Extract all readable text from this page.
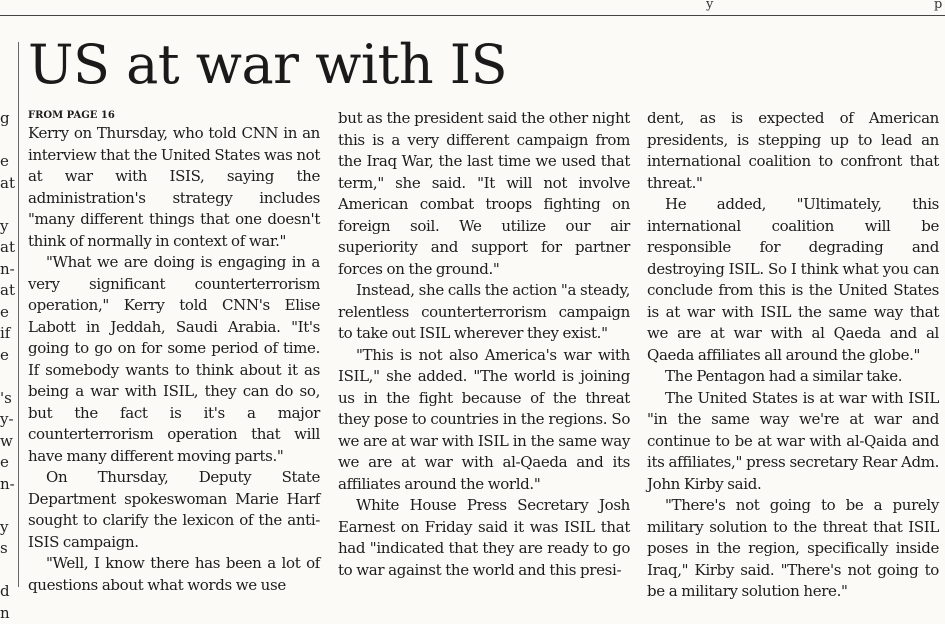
y	p
g

e
at

y
at
n-
at
e
if
e

's
y-
w
e
n-

y
s

d
n
US at war with IS
FROM PAGE 16

Kerry on Thursday, who told CNN in an interview that the United States was not at war with ISIS, saying the administration's strategy includes "many different things that one doesn't think of normally in context of war."

"What we are doing is engaging in a very significant counterterrorism operation," Kerry told CNN's Elise Labott in Jeddah, Saudi Arabia. "It's going to go on for some period of time. If somebody wants to think about it as being a war with ISIL, they can do so, but the fact is it's a major counterterrorism operation that will have many different moving parts."

On Thursday, Deputy State Department spokeswoman Marie Harf sought to clarify the lexicon of the anti-ISIS campaign.

"Well, I know there has been a lot of questions about what words we use

but as the president said the other night this is a very different campaign from the Iraq War, the last time we used that term," she said. "It will not involve American combat troops fighting on foreign soil. We utilize our air superiority and support for partner forces on the ground."

Instead, she calls the action "a steady, relentless counterterrorism campaign to take out ISIL wherever they exist."

"This is not also America's war with ISIL," she added. "The world is joining us in the fight because of the threat they pose to countries in the regions. So we are at war with ISIL in the same way we are at war with al-Qaeda and its affiliates around the world."

White House Press Secretary Josh Earnest on Friday said it was ISIL that had "indicated that they are ready to go to war against the world and this presi-

dent, as is expected of American presidents, is stepping up to lead an international coalition to confront that threat."

He added, "Ultimately, this international coalition will be responsible for degrading and destroying ISIL. So I think what you can conclude from this is the United States is at war with ISIL the same way that we are at war with al Qaeda and al Qaeda affiliates all around the globe."

The Pentagon had a similar take.

The United States is at war with ISIL "in the same way we're at war and continue to be at war with al-Qaida and its affiliates," press secretary Rear Adm. John Kirby said.

"There's not going to be a purely military solution to the threat that ISIL poses in the region, specifically inside Iraq," Kirby said. "There's not going to be a military solution here."
